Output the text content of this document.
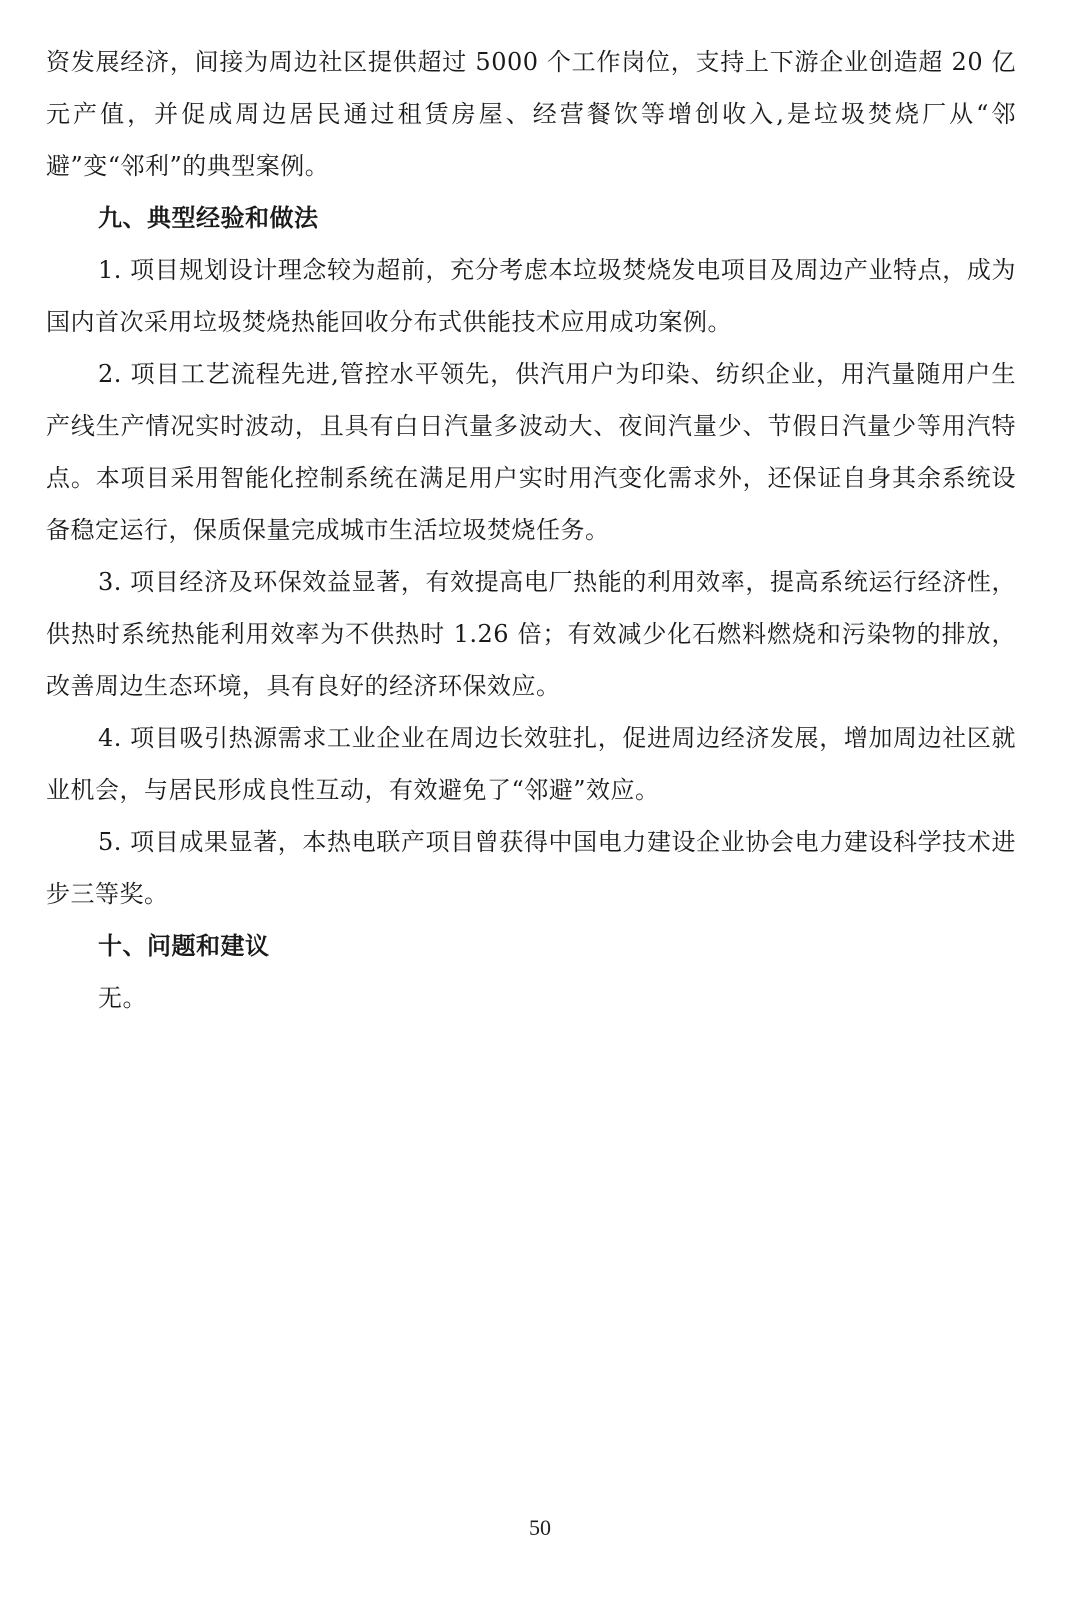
资发展经济，间接为周边社区提供超过 5000 个工作岗位，支持上下游企业创造超 20 亿元产值，并促成周边居民通过租赁房屋、经营餐饮等增创收入,是垃圾焚烧厂从“邻避”变“邻利”的典型案例。

九、典型经验和做法

1. 项目规划设计理念较为超前，充分考虑本垃圾焚烧发电项目及周边产业特点，成为国内首次采用垃圾焚烧热能回收分布式供能技术应用成功案例。

2. 项目工艺流程先进,管控水平领先，供汽用户为印染、纺织企业，用汽量随用户生产线生产情况实时波动，且具有白日汽量多波动大、夜间汽量少、节假日汽量少等用汽特点。本项目采用智能化控制系统在满足用户实时用汽变化需求外，还保证自身其余系统设备稳定运行，保质保量完成城市生活垃圾焚烧任务。

3. 项目经济及环保效益显著，有效提高电厂热能的利用效率，提高系统运行经济性，供热时系统热能利用效率为不供热时 1.26 倍；有效减少化石燃料燃烧和污染物的排放，改善周边生态环境，具有良好的经济环保效应。

4. 项目吸引热源需求工业企业在周边长效驻扎，促进周边经济发展，增加周边社区就业机会，与居民形成良性互动，有效避免了“邻避”效应。

5. 项目成果显著，本热电联产项目曾获得中国电力建设企业协会电力建设科学技术进步三等奖。

十、问题和建议

无。

50
